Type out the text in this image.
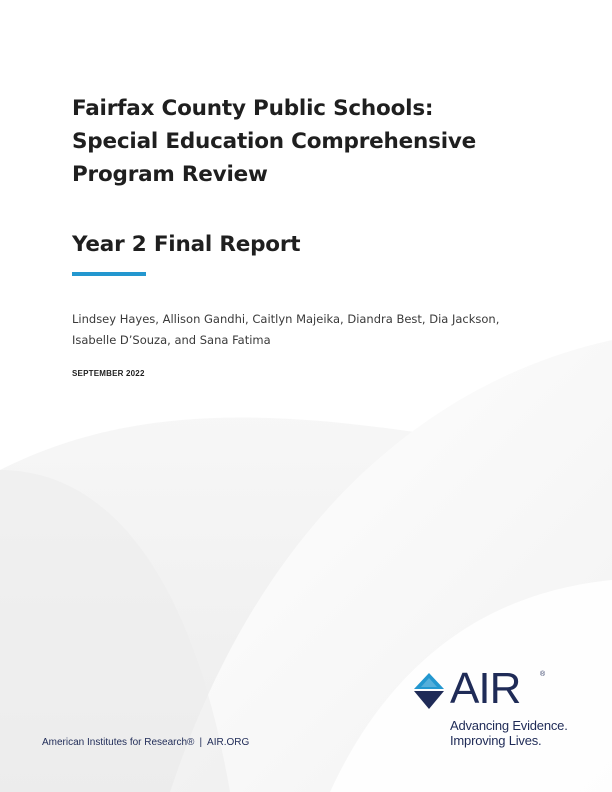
Fairfax County Public Schools:
Special Education Comprehensive
Program Review
Year 2 Final Report
Lindsey Hayes, Allison Gandhi, Caitlyn Majeika, Diandra Best, Dia Jackson,
Isabelle D’Souza, and Sana Fatima
SEPTEMBER 2022
American Institutes for Research® | AIR.ORG
AIR	®
Advancing Evidence.
Improving Lives.
